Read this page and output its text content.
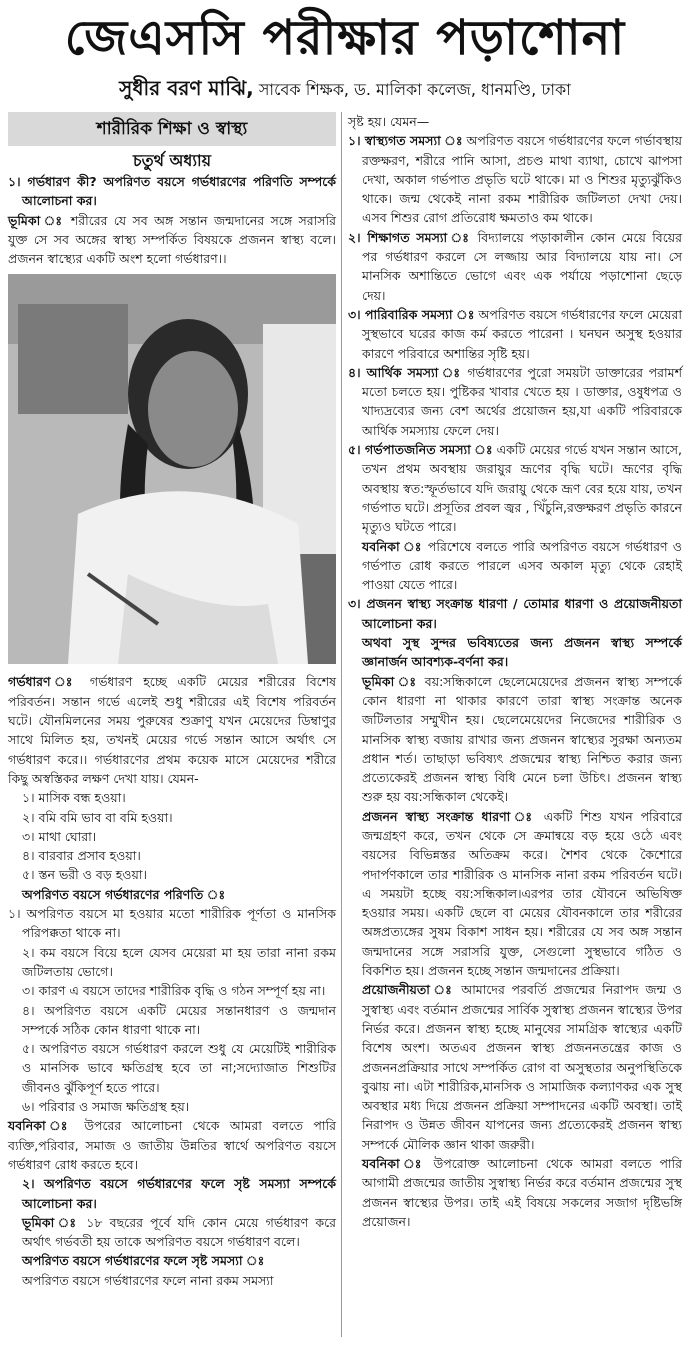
জেএসসি পরীক্ষার পড়াশোনা
সুধীর বরণ মাঝি, সাবেক শিক্ষক, ড. মালিকা কলেজ, ধানমণ্ডি, ঢাকা
শারীরিক শিক্ষা ও স্বাস্থ্য
চতুর্থ অধ্যায়

১। গর্ভধারণ কী? অপরিণত বয়সে গর্ভধারণের পরিণতি সম্পর্কে আলোচনা কর।

ভূমিকা ঃ শরীরের যে সব অঙ্গ সন্তান জন্মদানের সঙ্গে সরাসরি যুক্ত সে সব অঙ্গের স্বাস্থ্য সম্পর্কিত বিষয়কে প্রজনন স্বাস্থ্য বলে। প্রজনন স্বাস্থ্যের একটি অংশ হলো গর্ভধারণ।।

গর্ভধারণ ঃ গর্ভধারণ হচ্ছে একটি মেয়ের শরীরের বিশেষ পরিবর্তন। সন্তান গর্ভে এলেই শুধু শরীরের এই বিশেষ পরিবর্তন ঘটে। যৌনমিলনের সময় পুরুষের শুক্রাণু যখন মেয়েদের ডিম্বাণুর সাথে মিলিত হয়, তখনই মেয়ের গর্ভে সন্তান আসে অর্থাৎ সে গর্ভধারণ করে।। গর্ভধারণের প্রথম কয়েক মাসে মেয়েদের শরীরে কিছু অস্বস্তিকর লক্ষণ দেখা যায়। যেমন-

১। মাসিক বন্ধ হওয়া।
২। বমি বমি ভাব বা বমি হওয়া।
৩। মাথা ঘোরা।
৪। বারবার প্রসাব হওয়া।
৫। স্তন ভরী ও বড় হওয়া।

অপরিণত বয়সে গর্ভধারণের পরিণতি ঃ

১। অপরিণত বয়সে মা হওয়ার মতো শারীরিক পূর্ণতা ও মানসিক পরিপক্কতা থাকে না।

২। কম বয়সে বিয়ে হলে যেসব মেয়েরা মা হয় তারা নানা রকম জটিলতায় ভোগে।

৩। কারণ এ বয়সে তাদের শারীরিক বৃদ্ধি ও গঠন সম্পূর্ণ হয় না।

৪। অপরিণত বয়সে একটি মেয়ের সন্তানধারণ ও জন্মদান সম্পর্কে সঠিক কোন ধারণা থাকে না।

৫। অপরিণত বয়সে গর্ভধারণ করলে শুধু যে মেয়েটিই শারীরিক ও মানসিক ভাবে ক্ষতিগ্রস্থ হবে তা না;সদ্যোজাত শিশুটির জীবনও ঝুঁকিপূর্ণ হতে পারে।

৬। পরিবার ও সমাজ ক্ষতিগ্রস্থ হয়।

যবনিকা ঃ উপরের আলোচনা থেকে আমরা বলতে পারি ব্যক্তি,পরিবার, সমাজ ও জাতীয় উন্নতির স্বার্থে অপরিণত বয়সে গর্ভধারণ রোধ করতে হবে।

২। অপরিণত বয়সে গর্ভধারণের ফলে সৃষ্ট সমস্যা সম্পর্কে আলোচনা কর।

ভূমিকা ঃ ১৮ বছরের পূর্বে যদি কোন মেয়ে গর্ভধারণ করে অর্থাৎ গর্ভবতী হয় তাকে অপরিণত বয়সে গর্ভধারণ বলে।

অপরিণত বয়সে গর্ভধারণের ফলে সৃষ্ট সমস্যা ঃ

অপরিণত বয়সে গর্ভধারণের ফলে নানা রকম সমস্যা

সৃষ্ট হয়। যেমন—

১। স্বাস্থ্যগত সমস্যা ঃ অপরিণত বয়সে গর্ভধারণের ফলে গর্ভাবস্থায় রক্তক্ষরণ, শরীরে পানি আসা, প্রচণ্ড মাথা ব্যাথা, চোখে ঝাপসা দেখা, অকাল গর্ভপাত প্রভৃতি ঘটে থাকে। মা ও শিশুর মৃত্যুঝুঁকিও থাকে। জন্ম থেকেই নানা রকম শারীরিক জটিলতা দেখা দেয়। এসব শিশুর রোগ প্রতিরোধ ক্ষমতাও কম থাকে।

২। শিক্ষাগত সমস্যা ঃ বিদ্যালয়ে পড়াকালীন কোন মেয়ে বিয়ের পর গর্ভধারণ করলে সে লজ্জায় আর বিদ্যালয়ে যায় না। সে মানসিক অশান্তিতে ভোগে এবং এক পর্যায়ে পড়াশোনা ছেড়ে দেয়।

৩। পারিবারিক সমস্যা ঃ অপরিণত বয়সে গর্ভধারণের ফলে মেয়েরা সুস্থভাবে ঘরের কাজ কর্ম করতে পারেনা । ঘনঘন অসুস্থ হওয়ার কারণে পরিবারে অশান্তির সৃষ্টি হয়।

৪। আর্থিক সমস্যা ঃ গর্ভধারণের পুরো সময়টা ডাক্তারের পরামর্শ মতো চলতে হয়। পুষ্টিকর খাবার খেতে হয় । ডাক্তার, ওষুধপত্র ও খাদ্যদ্রব্যের জন্য বেশ অর্থের প্রয়োজন হয়,যা একটি পরিবারকে আর্থিক সমস্যায় ফেলে দেয়।

৫। গর্ভপাতজনিত সমস্যা ঃ একটি মেয়ের গর্ভে যখন সন্তান আসে, তখন প্রথম অবস্থায় জরায়ুর ভ্রূণের বৃদ্ধি ঘটে। ভ্রূণের বৃদ্ধি অবস্থায় স্বত:স্ফূর্তভাবে যদি জরায়ু থেকে ভ্রূণ বের হয়ে যায়, তখন গর্ভপাত ঘটে। প্রসূতির প্রবল জ্বর , খিঁচুনি,রক্তক্ষরণ প্রভৃতি কারনে মৃত্যুও ঘটতে পারে।

যবনিকা ঃ পরিশেষে বলতে পারি অপরিণত বয়সে গর্ভধারণ ও গর্ভপাত রোধ করতে পারলে এসব অকাল মৃত্যু থেকে রেহাই পাওয়া যেতে পারে।

৩। প্রজনন স্বাস্থ্য সংক্রান্ত ধারণা / তোমার ধারণা ও প্রয়োজনীয়তা আলোচনা কর।

অথবা সুস্থ সুন্দর ভবিষ্যতের জন্য প্রজনন স্বাস্থ্য সম্পর্কে জ্ঞানার্জন আবশ্যক-বর্ণনা কর।

ভূমিকা ঃ বয়:সন্ধিকালে ছেলেমেয়েদের প্রজনন স্বাস্থ্য সম্পর্কে কোন ধারণা না থাকার কারণে তারা স্বাস্থ্য সংক্রান্ত অনেক জটিলতার সম্মুখীন হয়। ছেলেমেয়েদের নিজেদের শারীরিক ও মানসিক স্বাস্থ্য বজায় রাখার জন্য প্রজনন স্বাস্থ্যের সুরক্ষা অন্যতম প্রধান শর্ত। তাছাড়া ভবিষ্যৎ প্রজন্মের স্বাস্থ্য নিশ্চিত করার জন্য প্রত্যেকেরই প্রজনন স্বাস্থ্য বিধি মেনে চলা উচিৎ। প্রজনন স্বাস্থ্য শুরু হয় বয়:সন্ধিকাল থেকেই।

প্রজনন স্বাস্থ্য সংক্রান্ত ধারণা ঃ একটি শিশু যখন পরিবারে জন্মগ্রহণ করে, তখন থেকে সে ক্রমান্বয়ে বড় হয়ে ওঠে এবং বয়সের বিভিন্নস্তর অতিক্রম করে। শৈশব থেকে কৈশোরে পদার্পণকালে তার শারীরিক ও মানসিক নানা রকম পরিবর্তন ঘটে। এ সময়টা হচ্ছে বয়:সন্ধিকাল।এরপর তার যৌবনে অভিষিক্ত হওয়ার সময়। একটি ছেলে বা মেয়ের যৌবনকালে তার শরীরের অঙ্গপ্রত্যঙ্গের সুষম বিকাশ সাধন হয়। শরীরের যে সব অঙ্গ সন্তান জন্মদানের সঙ্গে সরাসরি যুক্ত, সেগুলো সুস্থভাবে গঠিত ও বিকশিত হয়। প্রজনন হচ্ছে সন্তান জন্মদানের প্রক্রিয়া।

প্রয়োজনীয়তা ঃ আমাদের পরবর্তি প্রজন্মের নিরাপদ জন্ম ও সুস্বাস্থ্য এবং বর্তমান প্রজন্মের সার্বিক সুস্বাস্থ্য প্রজনন স্বাস্থ্যের উপর নির্ভর করে। প্রজনন স্বাস্থ্য হচ্ছে মানুষের সামগ্রিক স্বাস্থ্যের একটি বিশেষ অংশ। অতএব প্রজনন স্বাস্থ্য প্রজননতন্ত্রের কাজ ও প্রজননপ্রক্রিয়ার সাথে সম্পর্কিত রোগ বা অসুস্থতার অনুপস্থিতিকে বুঝায় না। এটা শারীরিক,মানসিক ও সামাজিক কল্যাণকর এক সুস্থ অবস্থার মধ্য দিয়ে প্রজনন প্রক্রিয়া সম্পাদনের একটি অবস্থা। তাই নিরাপদ ও উন্নত জীবন যাপনের জন্য প্রত্যেকেরই প্রজনন স্বাস্থ্য সম্পর্কে মৌলিক জ্ঞান থাকা জরুরী।

যবনিকা ঃ উপরোক্ত আলোচনা থেকে আমরা বলতে পারি আগামী প্রজন্মের জাতীয় সুস্বাস্থ্য নির্ভর করে বর্তমান প্রজন্মের সুস্থ প্রজনন স্বাস্থ্যের উপর। তাই এই বিষয়ে সকলের সজাগ দৃষ্টিভঙ্গি প্রয়োজন।
